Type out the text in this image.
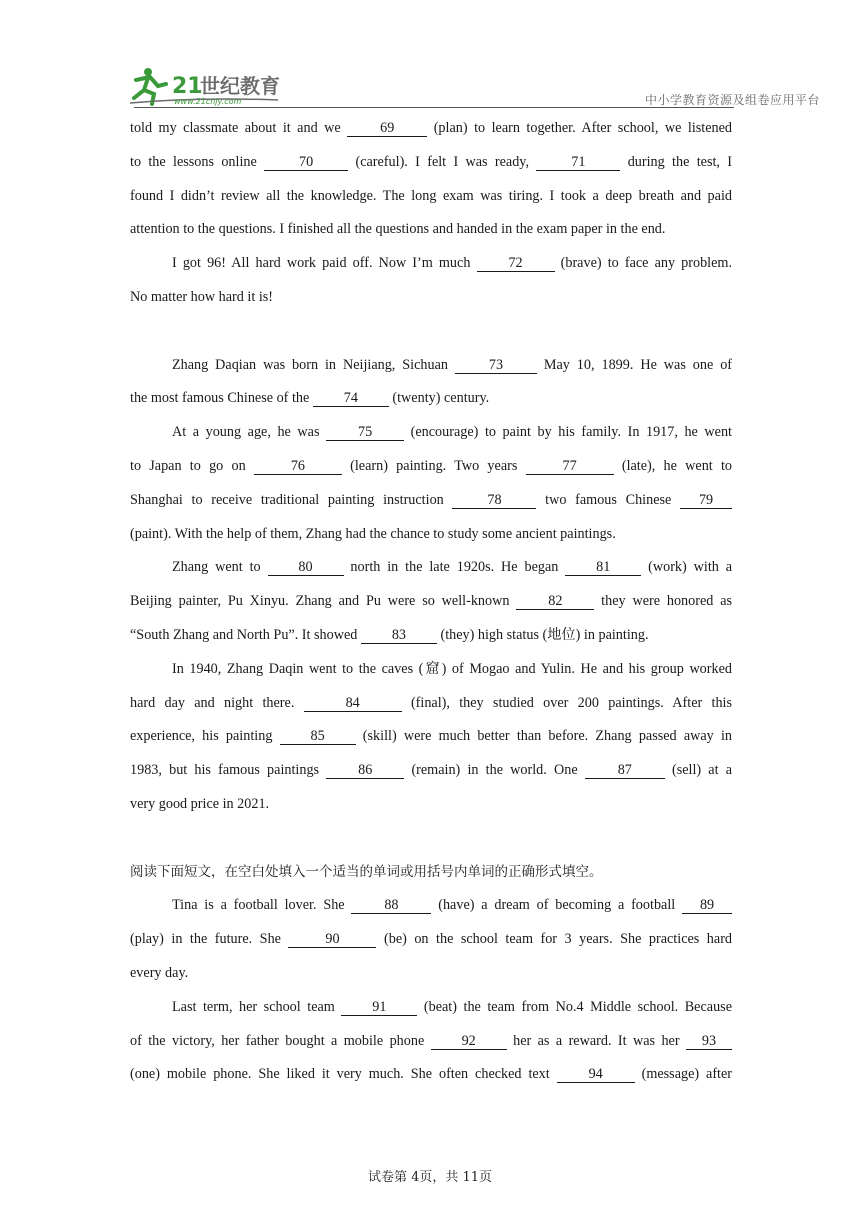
21
世纪教育
www.21cnjy.com	中小学教育资源及组卷应用平台
told my classmate about it and we	69	(plan) to learn together. After school, we listened
to the lessons online	70	(careful). I felt I was ready,	71	during the test, I
found I didn’t review all the knowledge. The long exam was tiring. I took a deep breath and paid
attention to the questions. I finished all the questions and handed in the exam paper in the end.
I got 96! All hard work paid off. Now I’m much	72	(brave) to face any problem.
No matter how hard it is!
Zhang Daqian was born in Neijiang, Sichuan	73	May 10, 1899. He was one of
the most famous Chinese of the 74 (twenty) century.
At a young age, he was	75	(encourage) to paint by his family. In 1917, he went
to Japan to go on	76	(learn) painting. Two years	77	(late), he went to
Shanghai to receive traditional painting instruction	78	two famous Chinese 79
(paint). With the help of them, Zhang had the chance to study some ancient paintings.
Zhang went to	80	north in the late 1920s. He began	81	(work) with a
Beijing painter, Pu Xinyu. Zhang and Pu were so well-known	82	they were honored as
“South Zhang and North Pu”. It showed 83 (they) high status (地位) in painting.
In 1940, Zhang Daqin went to the caves (窟) of Mogao and Yulin. He and his group worked
hard day and night there.	84	(final), they studied over 200 paintings. After this
experience, his painting	85	(skill) were much better than before. Zhang passed away in
1983, but his famous paintings	86	(remain) in the world. One	87	(sell) at a
very good price in 2021.
阅读下面短文，在空白处填入一个适当的单词或用括号内单词的正确形式填空。
Tina is a football lover. She	88	(have) a dream of becoming a football 89
(play) in the future. She	90	(be) on the school team for 3 years. She practices hard
every day.
Last term, her school team	91	(beat) the team from No.4 Middle school. Because
of the victory, her father bought a mobile phone	92	her as a reward. It was her 93
(one) mobile phone. She liked it very much. She often checked text	94	(message) after
试卷第 4页，共 11页
